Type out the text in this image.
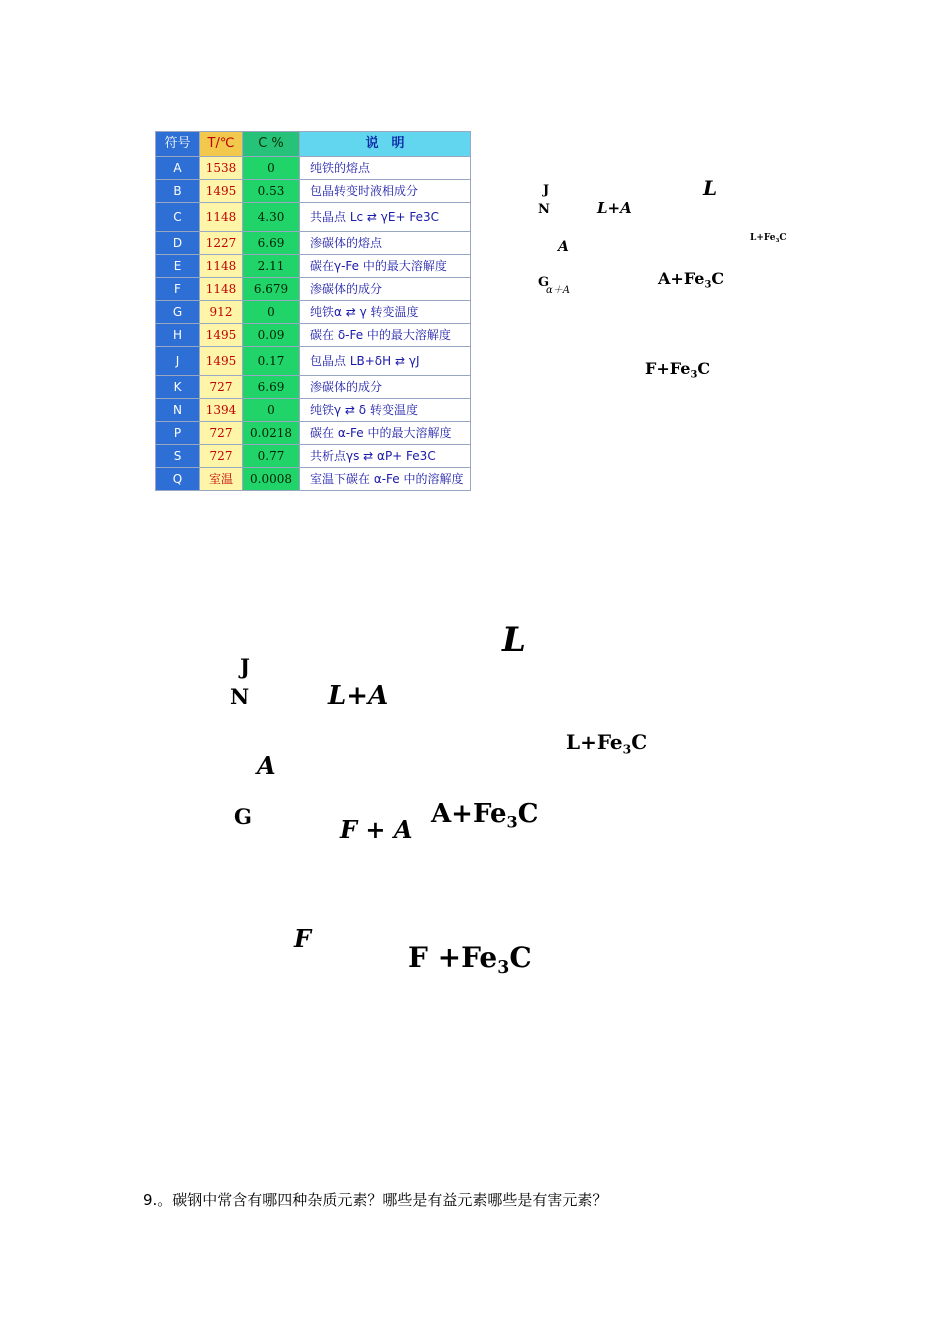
符号	T/℃	C %	说　明
A	1538	0	纯铁的熔点
B	1495	0.53	包晶转变时液相成分
C	1148	4.30	共晶点 Lc ⇄ γE+ Fe3C
D	1227	6.69	渗碳体的熔点
E	1148	2.11	碳在γ-Fe 中的最大溶解度
F	1148	6.679	渗碳体的成分
G	912	0	纯铁α ⇄ γ 转变温度
H	1495	0.09	碳在 δ-Fe 中的最大溶解度
J	1495	0.17	包晶点 LB+δH ⇄ γJ
K	727	6.69	渗碳体的成分
N	1394	0	纯铁γ ⇄ δ 转变温度
P	727	0.0218	碳在 α-Fe 中的最大溶解度
S	727	0.77	共析点γs ⇄ αP+ Fe3C
Q	室温	0.0008	室温下碳在 α-Fe 中的溶解度
J	L
N	L+A
$L+Fe_3C$
A
G
α＋A
$A+Fe_3C$
$F+Fe_3C$
L
J
N	L+A
$L+Fe_3C$
A
G	F + A
$A+Fe_3C$
F
$F +Fe_3C$
9.。碳钢中常含有哪四种杂质元素？哪些是有益元素哪些是有害元素？
